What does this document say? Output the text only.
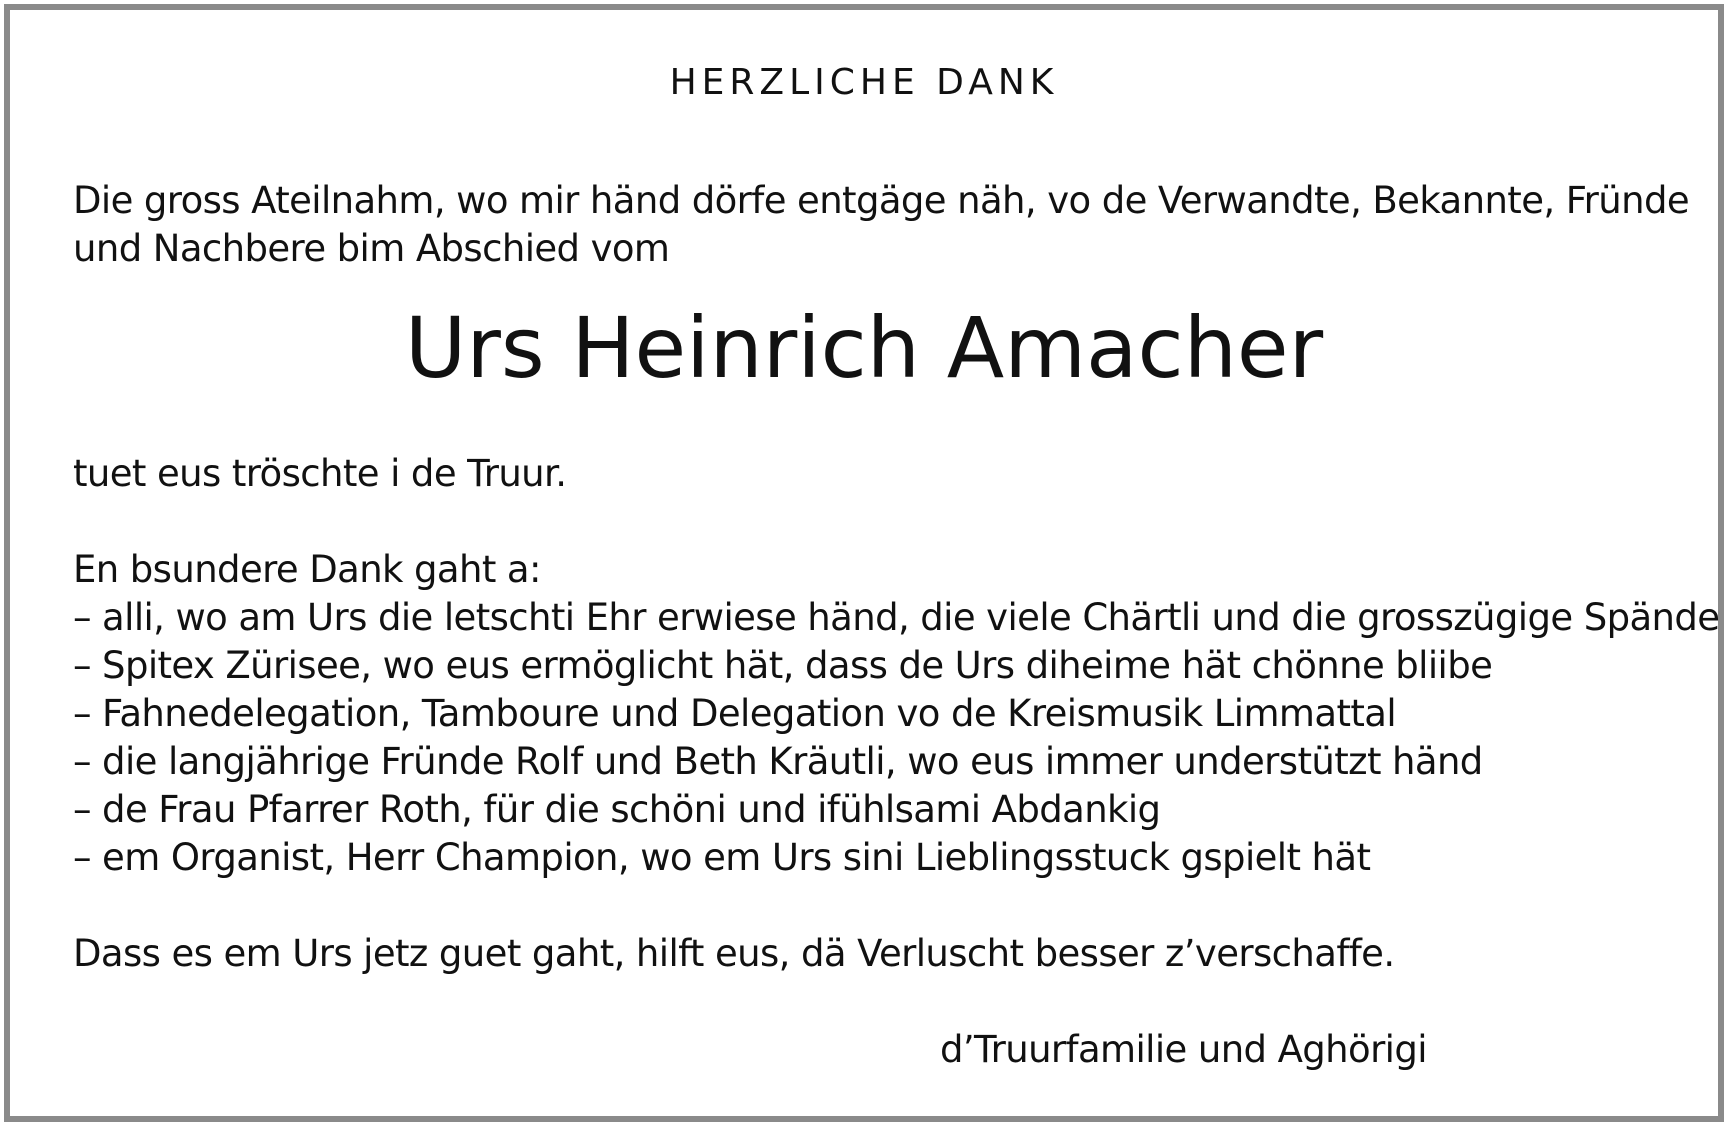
HERZLICHE DANK
Die gross Ateilnahm, wo mir händ dörfe entgäge näh, vo de Verwandte, Bekannte, Fründe
und Nachbere bim Abschied vom
Urs Heinrich Amacher

tuet eus tröschte i de Truur.

En bsundere Dank gaht a:
– alli, wo am Urs die letschti Ehr erwiese händ, die viele Chärtli und die grosszügige Spände
– Spitex Zürisee, wo eus ermöglicht hät, dass de Urs diheime hät chönne bliibe
– Fahnedelegation, Tamboure und Delegation vo de Kreismusik Limmattal
– die langjährige Fründe Rolf und Beth Kräutli, wo eus immer understützt händ
– de Frau Pfarrer Roth, für die schöni und ifühlsami Abdankig
– em Organist, Herr Champion, wo em Urs sini Lieblingsstuck gspielt hät

Dass es em Urs jetz guet gaht, hilft eus, dä Verluscht besser z’verschaffe.

d’Truurfamilie und Aghörigi
